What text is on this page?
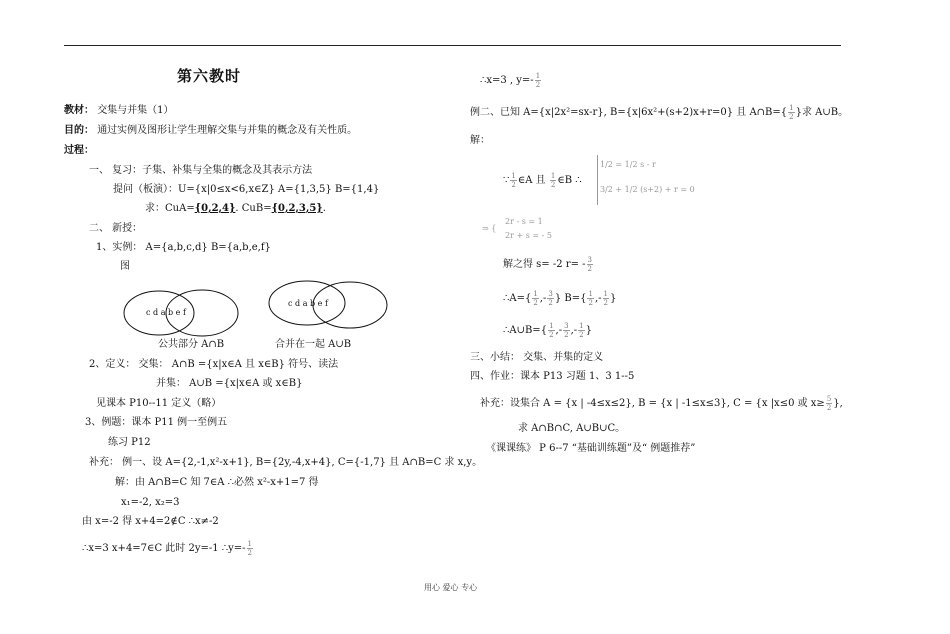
第六教时
教材： 交集与并集（1）
目的： 通过实例及图形让学生理解交集与并集的概念及有关性质。
过程：
一、 复习：子集、补集与全集的概念及其表示方法
提问（板演）：U={x|0≤x<6,x∈Z} A={1,3,5} B={1,4}
求：CuA={0,2,4}. CuB={0,2,3,5}.
二、 新授：
1、实例： A={a,b,c,d} B={a,b,e,f}
图
c d a b e f
c d a b e f
公共部分 A∩B	合并在一起 A∪B
2、定义： 交集： A∩B ={x|x∈A 且 x∈B} 符号、读法
并集： A∪B ={x|x∈A 或 x∈B}
见课本 P10--11 定义（略）
3、例题：课本 P11 例一至例五
练习 P12
补充： 例一、设 A={2,-1,x²-x+1}, B={2y,-4,x+4}, C={-1,7} 且 A∩B=C 求 x,y。
解：由 A∩B=C 知 7∈A ∴必然 x²-x+1=7 得
x₁=-2, x₂=3
由 x=-2 得 x+4=2∉C ∴x≠-2
∴x=3 x+4=7∈C 此时 2y=-1 ∴y=- $\frac{1}{2}$
∴x=3 , $y=- \frac{1}{2}$
例二、已知 A={x|2x²=sx-r}, B={x|6x²+(s+2)x+r=0} 且 A∩B={ $\frac{1}{2}$ }求 A∪B。
解：
∵ $\frac{1}{2}$ ∈A 且 $\frac{1}{2}$ ∈B ∴
1/2 = 1/2 s - r
3/2 + 1/2 (s+2) + r = 0
⇒ {
2r - s = 1
2r + s = - 5
解之得 s= -2 $r= - \frac{3}{2}$
∴A={ $\frac{1}{2}$ ,- $\frac{3}{2}$ } $B=\{ \frac{1}{2}$ ,- $\frac{1}{2}$ }
∴A∪B={ $\frac{1}{2}$ ,- $\frac{3}{2}$ ,- $\frac{1}{2}$ }
三、小结： 交集、并集的定义
四、作业：课本 P13 习题 1、3 1--5
补充：设集合 A = {x | -4≤x≤2}, B = {x | -1≤x≤3}, C = {x |x≤0 或 $x\ge \frac{5}{2}$ },
求 A∩B∩C, A∪B∪C。
《课课练》 P 6--7 “基础训练题”及“ 例题推荐”
用心 爱心 专心
